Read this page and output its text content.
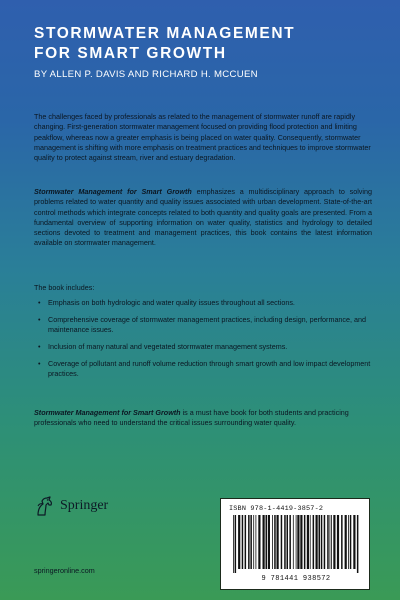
STORMWATER MANAGEMENT
FOR SMART GROWTH
BY ALLEN P. DAVIS AND RICHARD H. MCCUEN

The challenges faced by professionals as related to the management of stormwater runoff are rapidly changing. First-generation stormwater management focused on providing flood protection and limiting peakflow, whereas now a greater emphasis is being placed on water quality. Consequently, stormwater management is shifting with more emphasis on treatment practices and techniques to improve stormwater quality to protect against stream, river and estuary degradation.

Stormwater Management for Smart Growth emphasizes a multidisciplinary approach to solving problems related to water quantity and quality issues associated with urban development. State-of-the-art control methods which integrate concepts related to both quantity and quality goals are presented. From a fundamental overview of supporting information on water quality, statistics and hydrology to detailed sections devoted to treatment and management practices, this book contains the latest information available on stormwater management.

The book includes:

• Emphasis on both hydrologic and water quality issues throughout all sections.
• Comprehensive coverage of stormwater management practices, including design, performance, and maintenance issues.
• Inclusion of many natural and vegetated stormwater management systems.
• Coverage of pollutant and runoff volume reduction through smart growth and low impact development practices.

Stormwater Management for Smart Growth is a must have book for both students and practicing professionals who need to understand the critical issues surrounding water quality.

Springer
springeronline.com
ISBN 978-1-4419-3857-2
9 781441 938572
